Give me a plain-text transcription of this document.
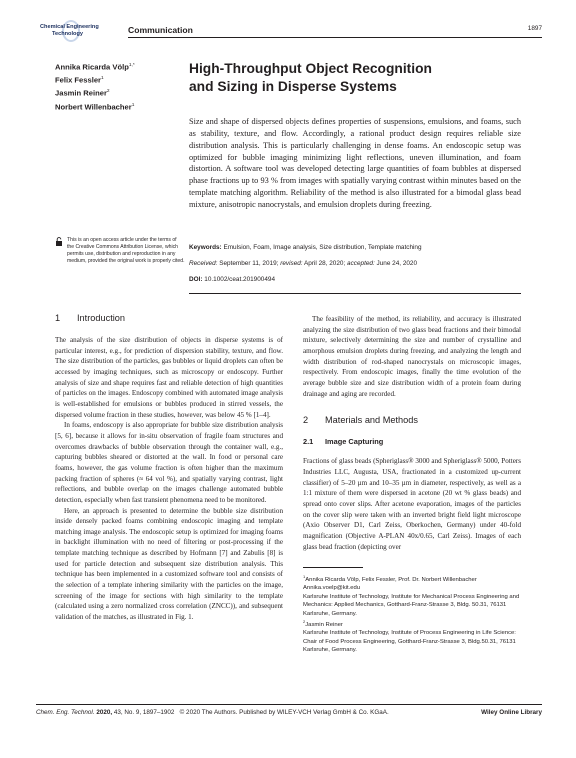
Chemical Engineering
Technology	Communication	1897
Annika Ricarda Völp$^{1,*}$
Felix Fessler$^1$
Jasmin Reiner$^2$
Norbert Willenbacher$^1$
High-Throughput Object Recognition
and Sizing in Disperse Systems
Size and shape of dispersed objects defines properties of suspensions, emulsions, and foams, such as stability, texture, and flow. Accordingly, a rational product design requires reliable size distribution analysis. This is particularly challenging in dense foams. An endoscopic setup was optimized for bubble imaging minimizing light reflections, uneven illumination, and foam distortion. A software tool was developed detecting large quantities of foam bubbles at dispersed phase fractions up to 93 % from images with spatially varying contrast within minutes based on the template matching algorithm. Reliability of the method is also illustrated for a bimodal glass bead mixture, anisotropic nanocrystals, and emulsion droplets during freezing.
This is an open access article under the terms of the Creative Commons Attribution License, which permits use, distribution and reproduction in any medium, provided the original work is properly cited.
Keywords: Emulsion, Foam, Image analysis, Size distribution, Template matching
Received: September 11, 2019; revised: April 28, 2020; accepted: June 24, 2020
DOI: 10.1002/ceat.201900494
1 Introduction

The analysis of the size distribution of objects in disperse systems is of particular interest, e.g., for prediction of dispersion stability, texture, and flow. The size distribution of the particles, gas bubbles or liquid droplets can often be accessed by imaging techniques, such as microscopy or endoscopy. Further analysis of size and shape requires fast and reliable detection of high quantities of particles on the images. Endoscopy combined with automated image analysis is well-established for emulsions or bubbles produced in stirred vessels, the dispersed volume fraction in these studies, however, was below 45 % [1–4].

In foams, endoscopy is also appropriate for bubble size distribution analysis [5, 6], because it allows for in-situ observation of fragile foam structures and overcomes drawbacks of bubble observation through the container wall, e.g., capturing bubbles sheared or distorted at the wall. In food or personal care foams, however, the gas volume fraction is often higher than the maximum packing fraction of spheres (≈ 64 vol %), and spatially varying contrast, light reflections, and bubble overlap on the images challenge automated bubble detection, especially when fast transient phenomena need to be monitored.

Here, an approach is presented to determine the bubble size distribution inside densely packed foams combining endoscopic imaging and template matching image analysis. The endoscopic setup is optimized for imaging foams in backlight illumination with no need of filtering or post-processing if the template matching technique as described by Hofmann [7] and Zabulis [8] is used for particle detection and subsequent size distribution analysis. This technique has been implemented in a customized software tool and consists of the selection of a template inhering similarity with the particles on the image, screening of the image for sections with high similarity to the template (calculated using a zero normalized cross correlation (ZNCC)), and subsequent validation of the matches, as illustrated in Fig. 1.

The feasibility of the method, its reliability, and accuracy is illustrated analyzing the size distribution of two glass bead fractions and their bimodal mixture, selectively determining the size and number of crystalline and amorphous emulsion droplets during freezing, and analyzing the length and width distribution of rod-shaped nanocrystals on microscopic images, respectively. From endoscopic images, finally the time evolution of the average bubble size and size distribution width of a protein foam during drainage and aging are recorded.

2 Materials and Methods
2.1 Image Capturing

Fractions of glass beads (Spheriglass® 3000 and Spheriglass® 5000, Potters Industries LLC, Augusta, USA, fractionated in a customized up-current classifier) of 5–20 µm and 10–35 µm in diameter, respectively, as well as a 1:1 mixture of them were dispersed in acetone (20 wt % glass beads) and spread onto cover slips. After acetone evaporation, images of the particles on the cover slip were taken with an inverted bright field light microscope (Axio Observer D1, Carl Zeiss, Oberkochen, Germany) under 40-fold magnification (Objective A-PLAN 40x/0.65, Carl Zeiss). Images of each glass bead fraction (depicting over

$^1$Annika Ricarda Völp, Felix Fessler, Prof. Dr. Norbert Willenbacher

Annika.voelp@kit.edu

Karlsruhe Institute of Technology, Institute for Mechanical Process Engineering and Mechanics: Applied Mechanics, Gotthard-Franz-Strasse 3, Bldg. 50.31, 76131 Karlsruhe, Germany.

$^2$Jasmin Reiner

Karlsruhe Institute of Technology, Institute of Process Engineering in Life Science: Chair of Food Process Engineering, Gotthard-Franz-Strasse 3, Bldg.50.31, 76131 Karlsruhe, Germany.

Chem. Eng. Technol. 2020, 43, No. 9, 1897–1902 © 2020 The Authors. Published by WILEY-VCH Verlag GmbH & Co. KGaA.	Wiley Online Library
